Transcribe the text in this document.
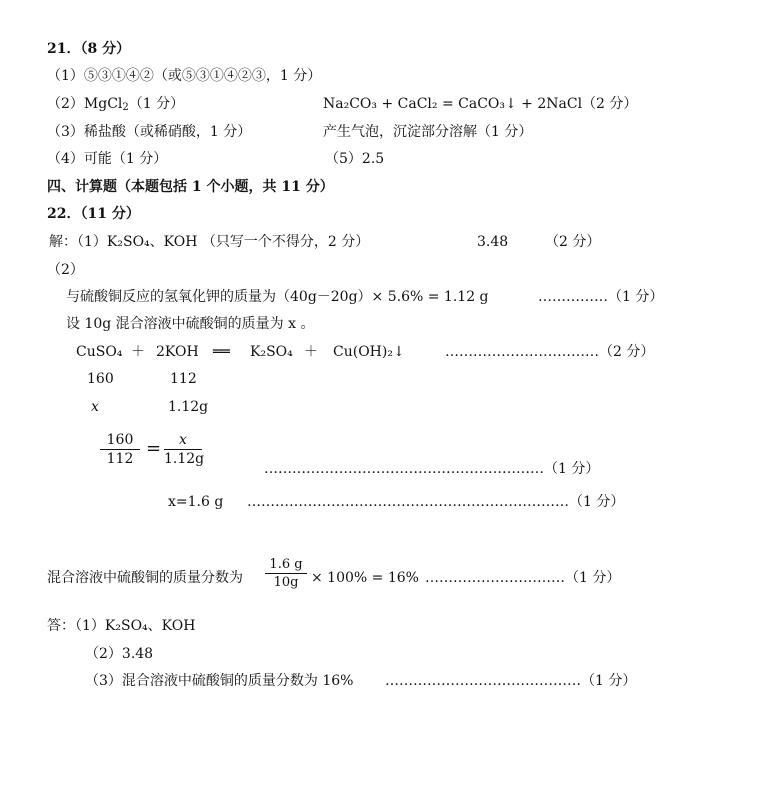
21．（8 分）
（1）⑤③①④②（或⑤③①④②③，1 分）
（2）MgCl$_2$（1 分）	Na₂CO₃ + CaCl₂ = CaCO₃↓ + 2NaCl（2 分）
（3）稀盐酸（或稀硝酸，1 分）	产生气泡，沉淀部分溶解（1 分）
（4）可能（1 分）	（5）2.5
四、计算题（本题包括 1 个小题，共 11 分）
22．（11 分）
解：（1）K₂SO₄、KOH （只写一个不得分，2 分）	3.48	（2 分）
（2）
与硫酸铜反应的氢氧化钾的质量为（40g－20g）× 5.6% = 1.12 g	……………（1 分）
设 10g 混合溶液中硫酸铜的质量为 x 。
CuSO₄ ＋ 2KOH ══ K₂SO₄ ＋ Cu(OH)₂↓	……………………………（2 分）
160	112
x	1.12g
$\frac{160}{112} = \frac{x}{1.12g}$
……………………………………………………（1 分）
x=1.6 g ……………………………………………………………（1 分）
混合溶液中硫酸铜的质量分数为 $\frac{1.6 g}{10g} \times 100\% = 16\%$ …………………………（1 分）
答：（1）K₂SO₄、KOH
（2）3.48
（3）混合溶液中硫酸铜的质量分数为 16% ……………………………………（1 分）
